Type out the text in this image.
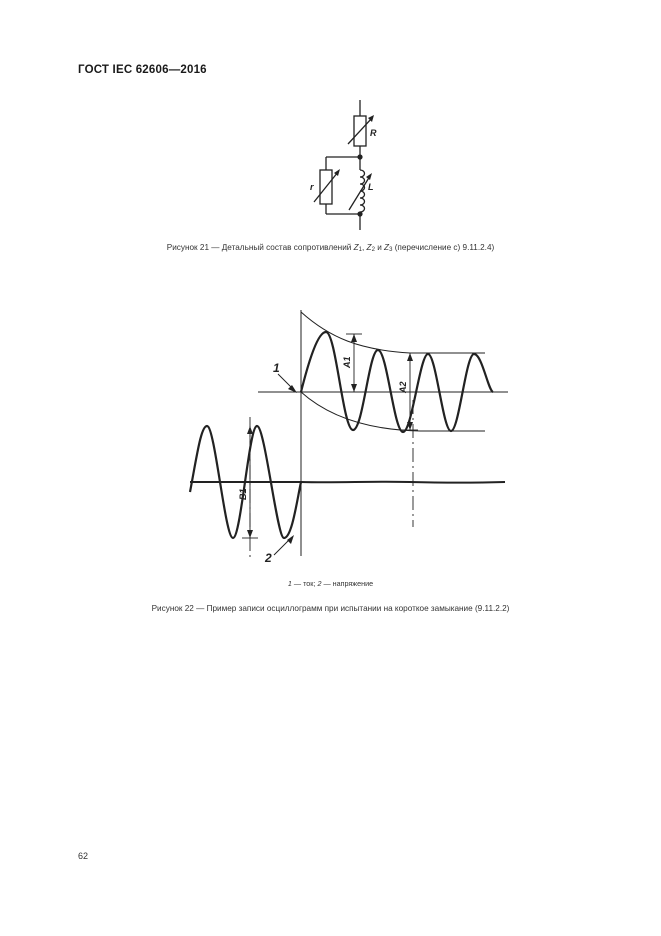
ГОСТ IEC 62606—2016
R
r	L
Рисунок 21 — Детальный состав сопротивлений $Z_1$, $Z_2$ и $Z_3$ (перечисление с) 9.11.2.4)
1
2
A1
A2
B1
1 — ток; 2 — напряжение
Рисунок 22 — Пример записи осциллограмм при испытании на короткое замыкание (9.11.2.2)
62
